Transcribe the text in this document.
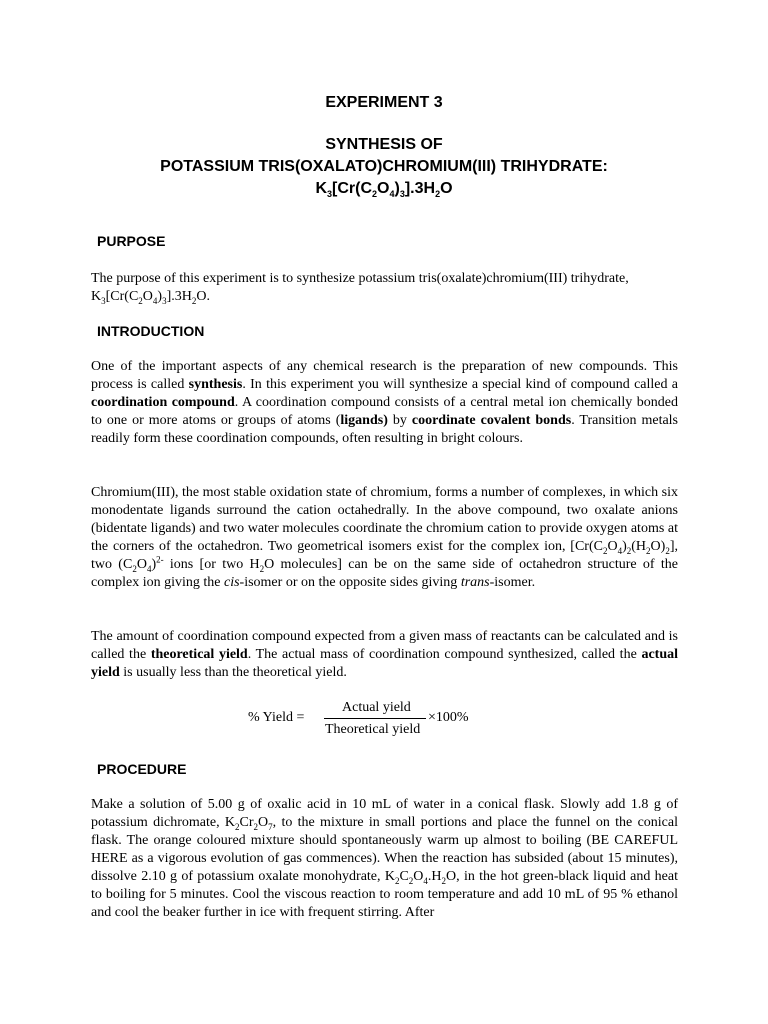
EXPERIMENT 3
SYNTHESIS OF
POTASSIUM TRIS(OXALATO)CHROMIUM(III) TRIHYDRATE:
$K_3[Cr(C_2O_4)_3].3H_2O$
PURPOSE
The purpose of this experiment is to synthesize potassium tris(oxalate)chromium(III) trihydrate,
$K_3[Cr(C_2O_4)_3].3H_2O$.
INTRODUCTION
One of the important aspects of any chemical research is the preparation of new compounds. This process is called synthesis. In this experiment you will synthesize a special kind of compound called a coordination compound. A coordination compound consists of a central metal ion chemically bonded to one or more atoms or groups of atoms (ligands) by coordinate covalent bonds. Transition metals readily form these coordination compounds, often resulting in bright colours.
Chromium(III), the most stable oxidation state of chromium, forms a number of complexes, in which six monodentate ligands surround the cation octahedrally. In the above compound, two oxalate anions (bidentate ligands) and two water molecules coordinate the chromium cation to provide oxygen atoms at the corners of the octahedron. Two geometrical isomers exist for the complex ion, $[Cr(C_2O_4)_2(H_2O)_2]$, two $(C_2O_4)^{2-}$ ions [or two $H_2O$ molecules] can be on the same side of octahedron structure of the complex ion giving the cis-isomer or on the opposite sides giving trans-isomer.
The amount of coordination compound expected from a given mass of reactants can be calculated and is called the theoretical yield. The actual mass of coordination compound synthesized, called the actual yield is usually less than the theoretical yield.
% Yield =
Actual yield
Theoretical yield
×100%
PROCEDURE
Make a solution of 5.00 g of oxalic acid in 10 mL of water in a conical flask. Slowly add 1.8 g of potassium dichromate, $K_2Cr_2O_7$, to the mixture in small portions and place the funnel on the conical flask. The orange coloured mixture should spontaneously warm up almost to boiling (BE CAREFUL HERE as a vigorous evolution of gas commences). When the reaction has subsided (about 15 minutes), dissolve 2.10 g of potassium oxalate monohydrate, $K_2C_2O_4.H_2O$, in the hot green-black liquid and heat to boiling for 5 minutes. Cool the viscous reaction to room temperature and add 10 mL of 95 % ethanol and cool the beaker further in ice with frequent stirring. After
